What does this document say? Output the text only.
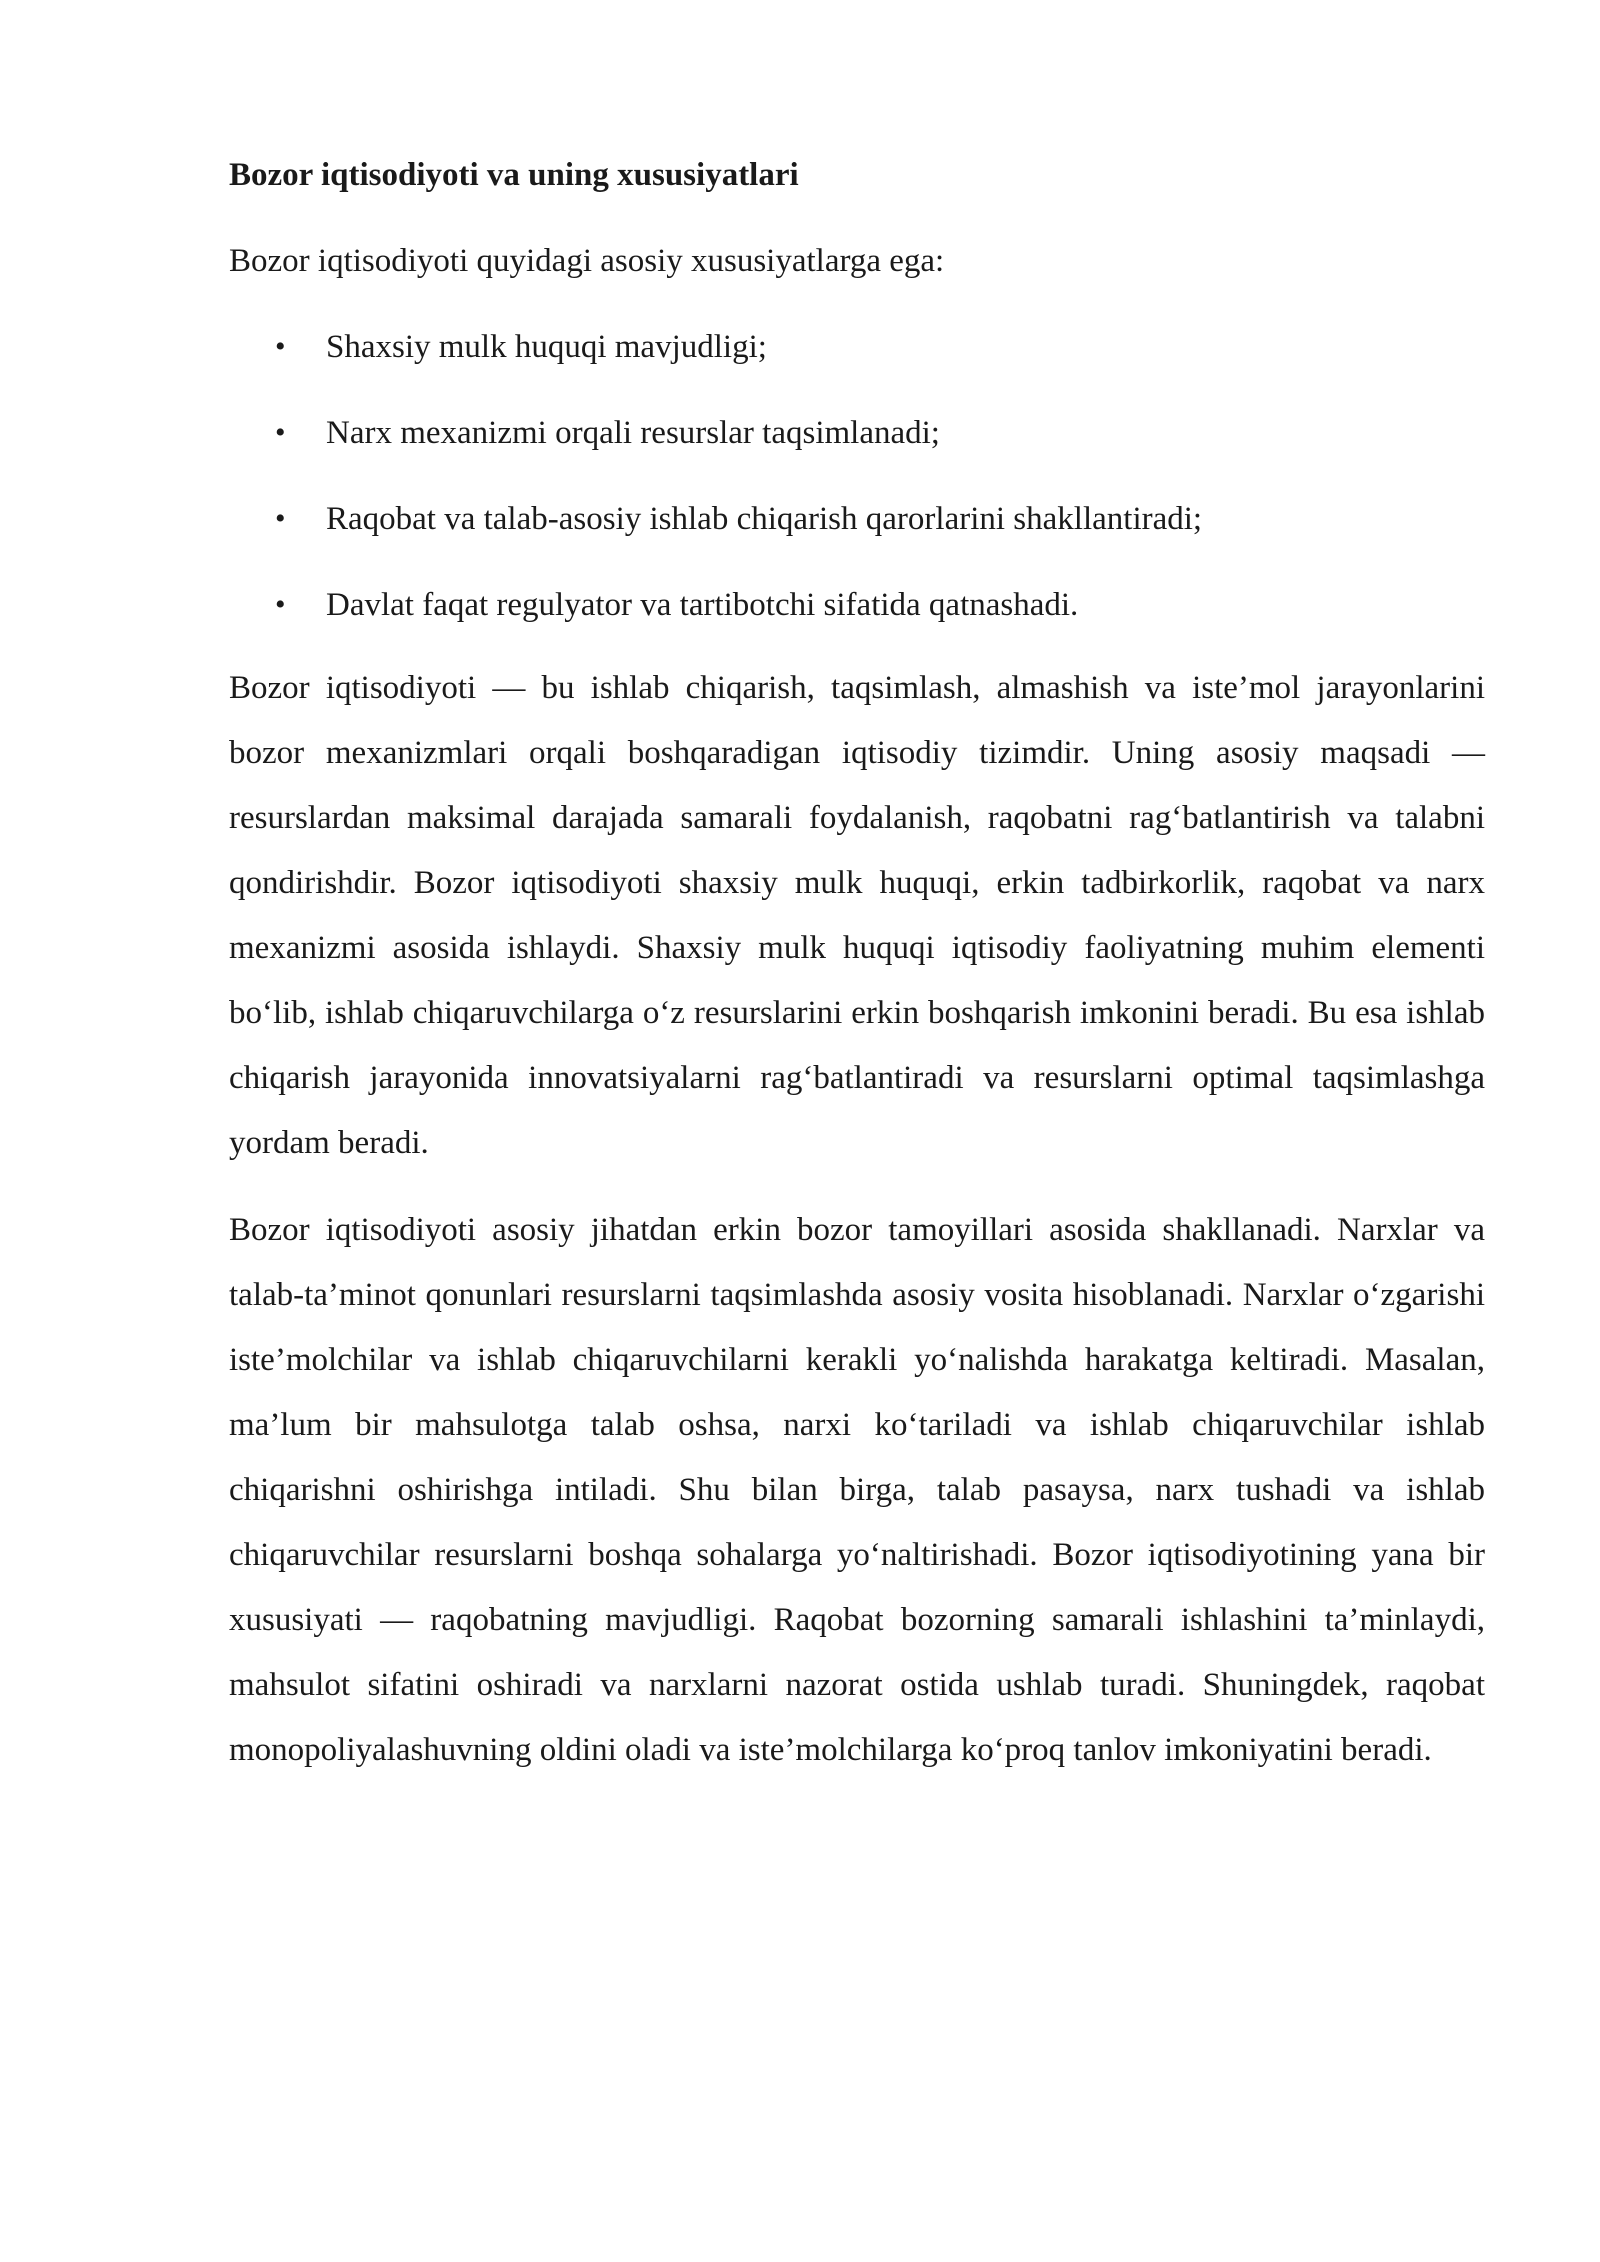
Bozor iqtisodiyoti va uning xususiyatlari
Bozor iqtisodiyoti quyidagi asosiy xususiyatlarga ega:
• Shaxsiy mulk huquqi mavjudligi;
• Narx mexanizmi orqali resurslar taqsimlanadi;
• Raqobat va talab-asosiy ishlab chiqarish qarorlarini shakllantiradi;
• Davlat faqat regulyator va tartibotchi sifatida qatnashadi.

Bozor iqtisodiyoti — bu ishlab chiqarish, taqsimlash, almashish va iste’mol jarayonlarini bozor mexanizmlari orqali boshqaradigan iqtisodiy tizimdir. Uning asosiy maqsadi — resurslardan maksimal darajada samarali foydalanish, raqobatni rag‘batlantirish va talabni qondirishdir. Bozor iqtisodiyoti shaxsiy mulk huquqi, erkin tadbirkorlik, raqobat va narx mexanizmi asosida ishlaydi. Shaxsiy mulk huquqi iqtisodiy faoliyatning muhim elementi bo‘lib, ishlab chiqaruvchilarga o‘z resurslarini erkin boshqarish imkonini beradi. Bu esa ishlab chiqarish jarayonida innovatsiyalarni rag‘batlantiradi va resurslarni optimal taqsimlashga yordam beradi.

Bozor iqtisodiyoti asosiy jihatdan erkin bozor tamoyillari asosida shakllanadi. Narxlar va talab-ta’minot qonunlari resurslarni taqsimlashda asosiy vosita hisoblanadi. Narxlar o‘zgarishi iste’molchilar va ishlab chiqaruvchilarni kerakli yo‘nalishda harakatga keltiradi. Masalan, ma’lum bir mahsulotga talab oshsa, narxi ko‘tariladi va ishlab chiqaruvchilar ishlab chiqarishni oshirishga intiladi. Shu bilan birga, talab pasaysa, narx tushadi va ishlab chiqaruvchilar resurslarni boshqa sohalarga yo‘naltirishadi. Bozor iqtisodiyotining yana bir xususiyati — raqobatning mavjudligi. Raqobat bozorning samarali ishlashini ta’minlaydi, mahsulot sifatini oshiradi va narxlarni nazorat ostida ushlab turadi. Shuningdek, raqobat monopoliyalashuvning oldini oladi va iste’molchilarga ko‘proq tanlov imkoniyatini beradi.
